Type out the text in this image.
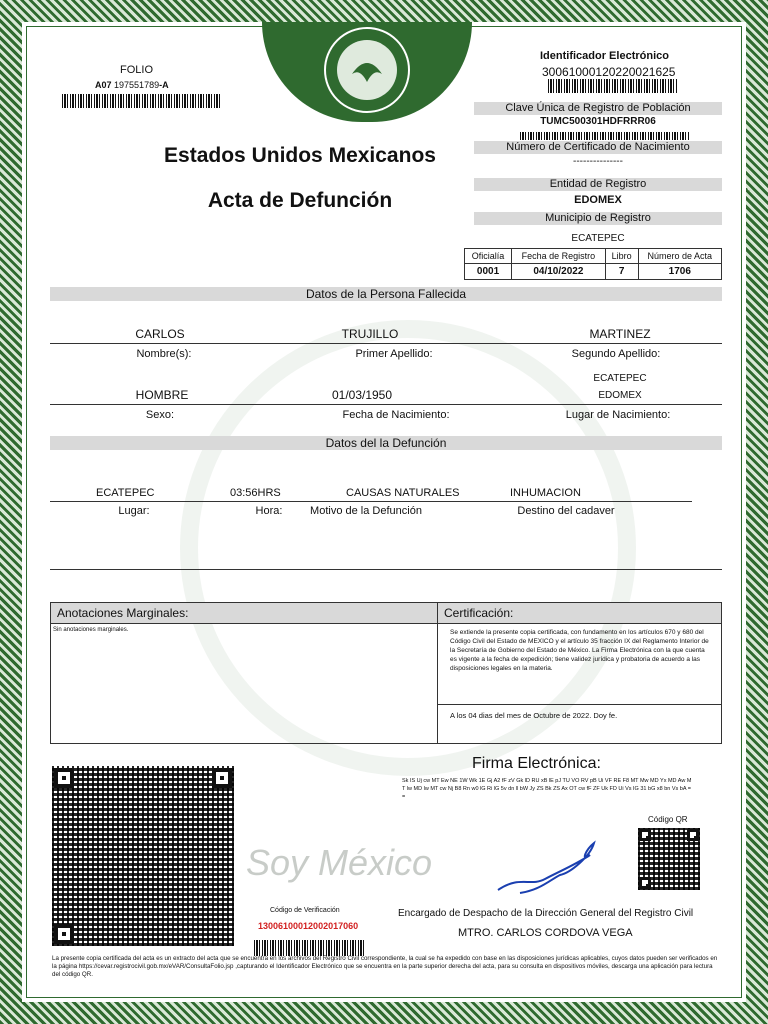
FOLIO
A07 197551789-A
Identificador Electrónico
30061000120220021625
Clave Única de Registro de Población
TUMC500301HDFRRR06
Número de Certificado de Nacimiento
---------------
Entidad de Registro
EDOMEX
Municipio de Registro
ECATEPEC
Oficialía	Fecha de Registro	Libro	Número de Acta
0001	04/10/2022	7	1706
Estados Unidos Mexicanos
Acta de Defunción
Datos de la Persona Fallecida
CARLOS	TRUJILLO	MARTINEZ
Nombre(s):	Primer Apellido:	Segundo Apellido:
ECATEPEC
HOMBRE	01/03/1950	EDOMEX
Sexo:	Fecha de Nacimiento:	Lugar de Nacimiento:
Datos del la Defunción
ECATEPEC	03:56HRS	CAUSAS NATURALES	INHUMACION
Lugar:	Hora:	Motivo de la Defunción	Destino del cadaver
Anotaciones Marginales:
Sin anotaciones marginales.
Certificación:
Se extiende la presente copia certificada, con fundamento en los artículos 670 y 680 del Código Civil del Estado de MEXICO y el artículo 35 fracción IX del Reglamento Interior de la Secretaría de Gobierno del Estado de México. La Firma Electrónica con la que cuenta es vigente a la fecha de expedición; tiene validez jurídica y probatoria de acuerdo a las disposiciones legales en la materia.
A los 04 dias del mes de Octubre de 2022. Doy fe.
Soy México
Firma Electrónica:
Sk IS Uj cw MT Ew NE 1W Wk 1E Gj A2 fF zV Gk lD RU xB lE pJ TU VO RV pB Ui VF RE F8 MT Mw MD Yx MD Aw MT lw MD lw MT cw Nj B8 Rn w0 lG Ri lG 5v dn ll bW Jy ZS Bk ZS Ax OT cw fF ZF Uk FD Ui Vs IG 31 bG x8 bn Vs bA ==
Código QR
Código de Verificación
13006100012002017060
Encargado de Despacho de la Dirección General del Registro Civil
MTRO. CARLOS CORDOVA VEGA
La presente copia certificada del acta es un extracto del acta que se encuentra en los archivos del Registro Civil correspondiente, la cual se ha expedido con base en las disposiciones jurídicas aplicables, cuyos datos pueden ser verificados en la página https://cevar.registrocivil.gob.mx/eVAR/ConsultaFolio.jsp ,capturando el Identificador Electrónico que se encuentra en la parte superior derecha del acta, para su consulta en dispositivos móviles, descarga una aplicación para lectura del código QR.
